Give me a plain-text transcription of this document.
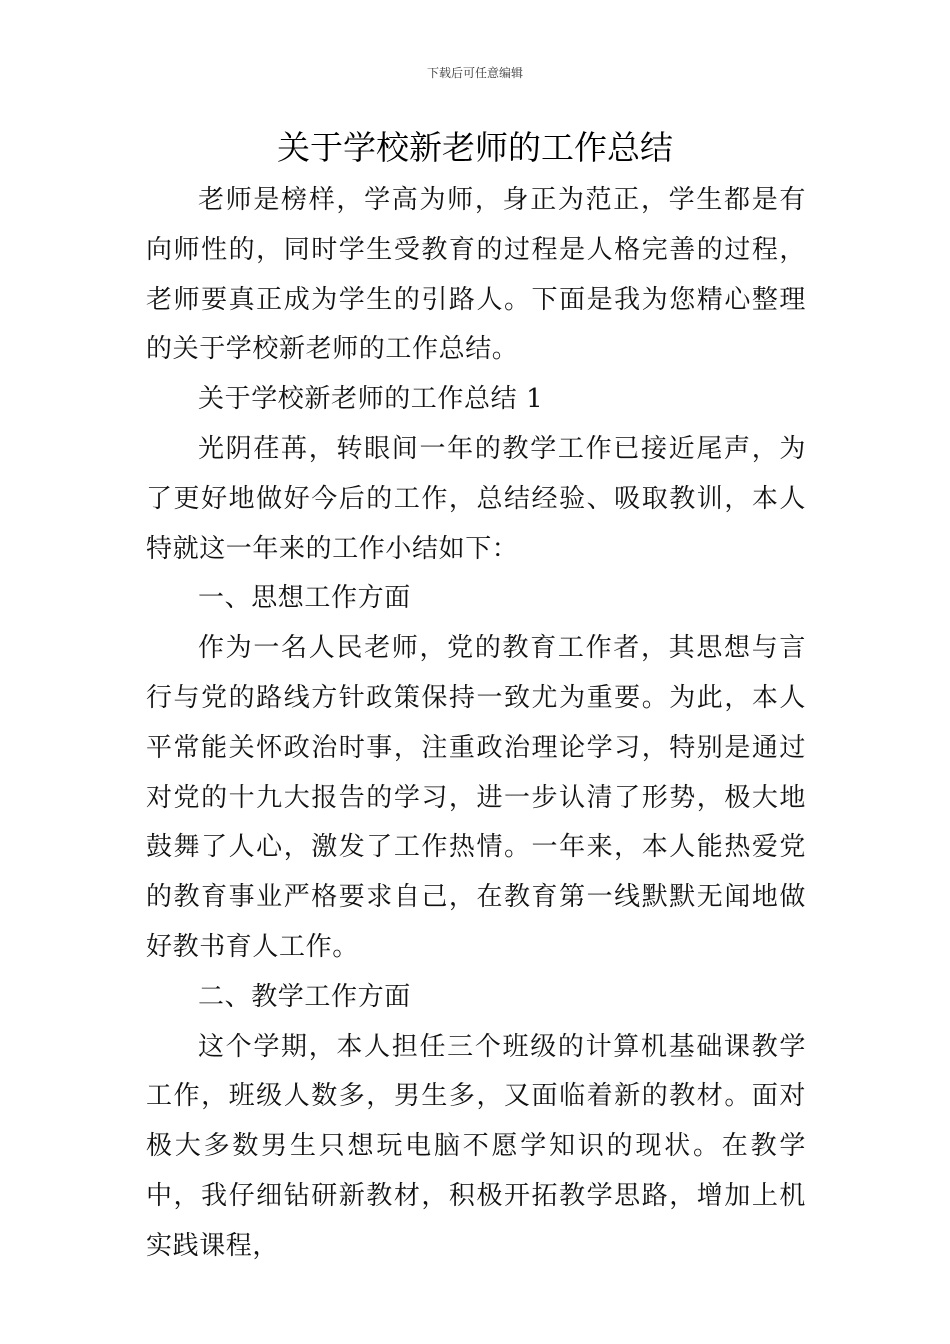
下载后可任意编辑
关于学校新老师的工作总结

老师是榜样，学高为师，身正为范正，学生都是有向师性的，同时学生受教育的过程是人格完善的过程，老师要真正成为学生的引路人。下面是我为您精心整理的关于学校新老师的工作总结。

关于学校新老师的工作总结 1

光阴荏苒，转眼间一年的教学工作已接近尾声，为了更好地做好今后的工作，总结经验、吸取教训，本人特就这一年来的工作小结如下：

一、思想工作方面

作为一名人民老师，党的教育工作者，其思想与言行与党的路线方针政策保持一致尤为重要。为此，本人平常能关怀政治时事，注重政治理论学习，特别是通过对党的十九大报告的学习，进一步认清了形势，极大地鼓舞了人心，激发了工作热情。一年来，本人能热爱党的教育事业严格要求自己，在教育第一线默默无闻地做好教书育人工作。

二、教学工作方面

这个学期，本人担任三个班级的计算机基础课教学工作，班级人数多，男生多，又面临着新的教材。面对极大多数男生只想玩电脑不愿学知识的现状。在教学中，我仔细钻研新教材，积极开拓教学思路，增加上机实践课程，
